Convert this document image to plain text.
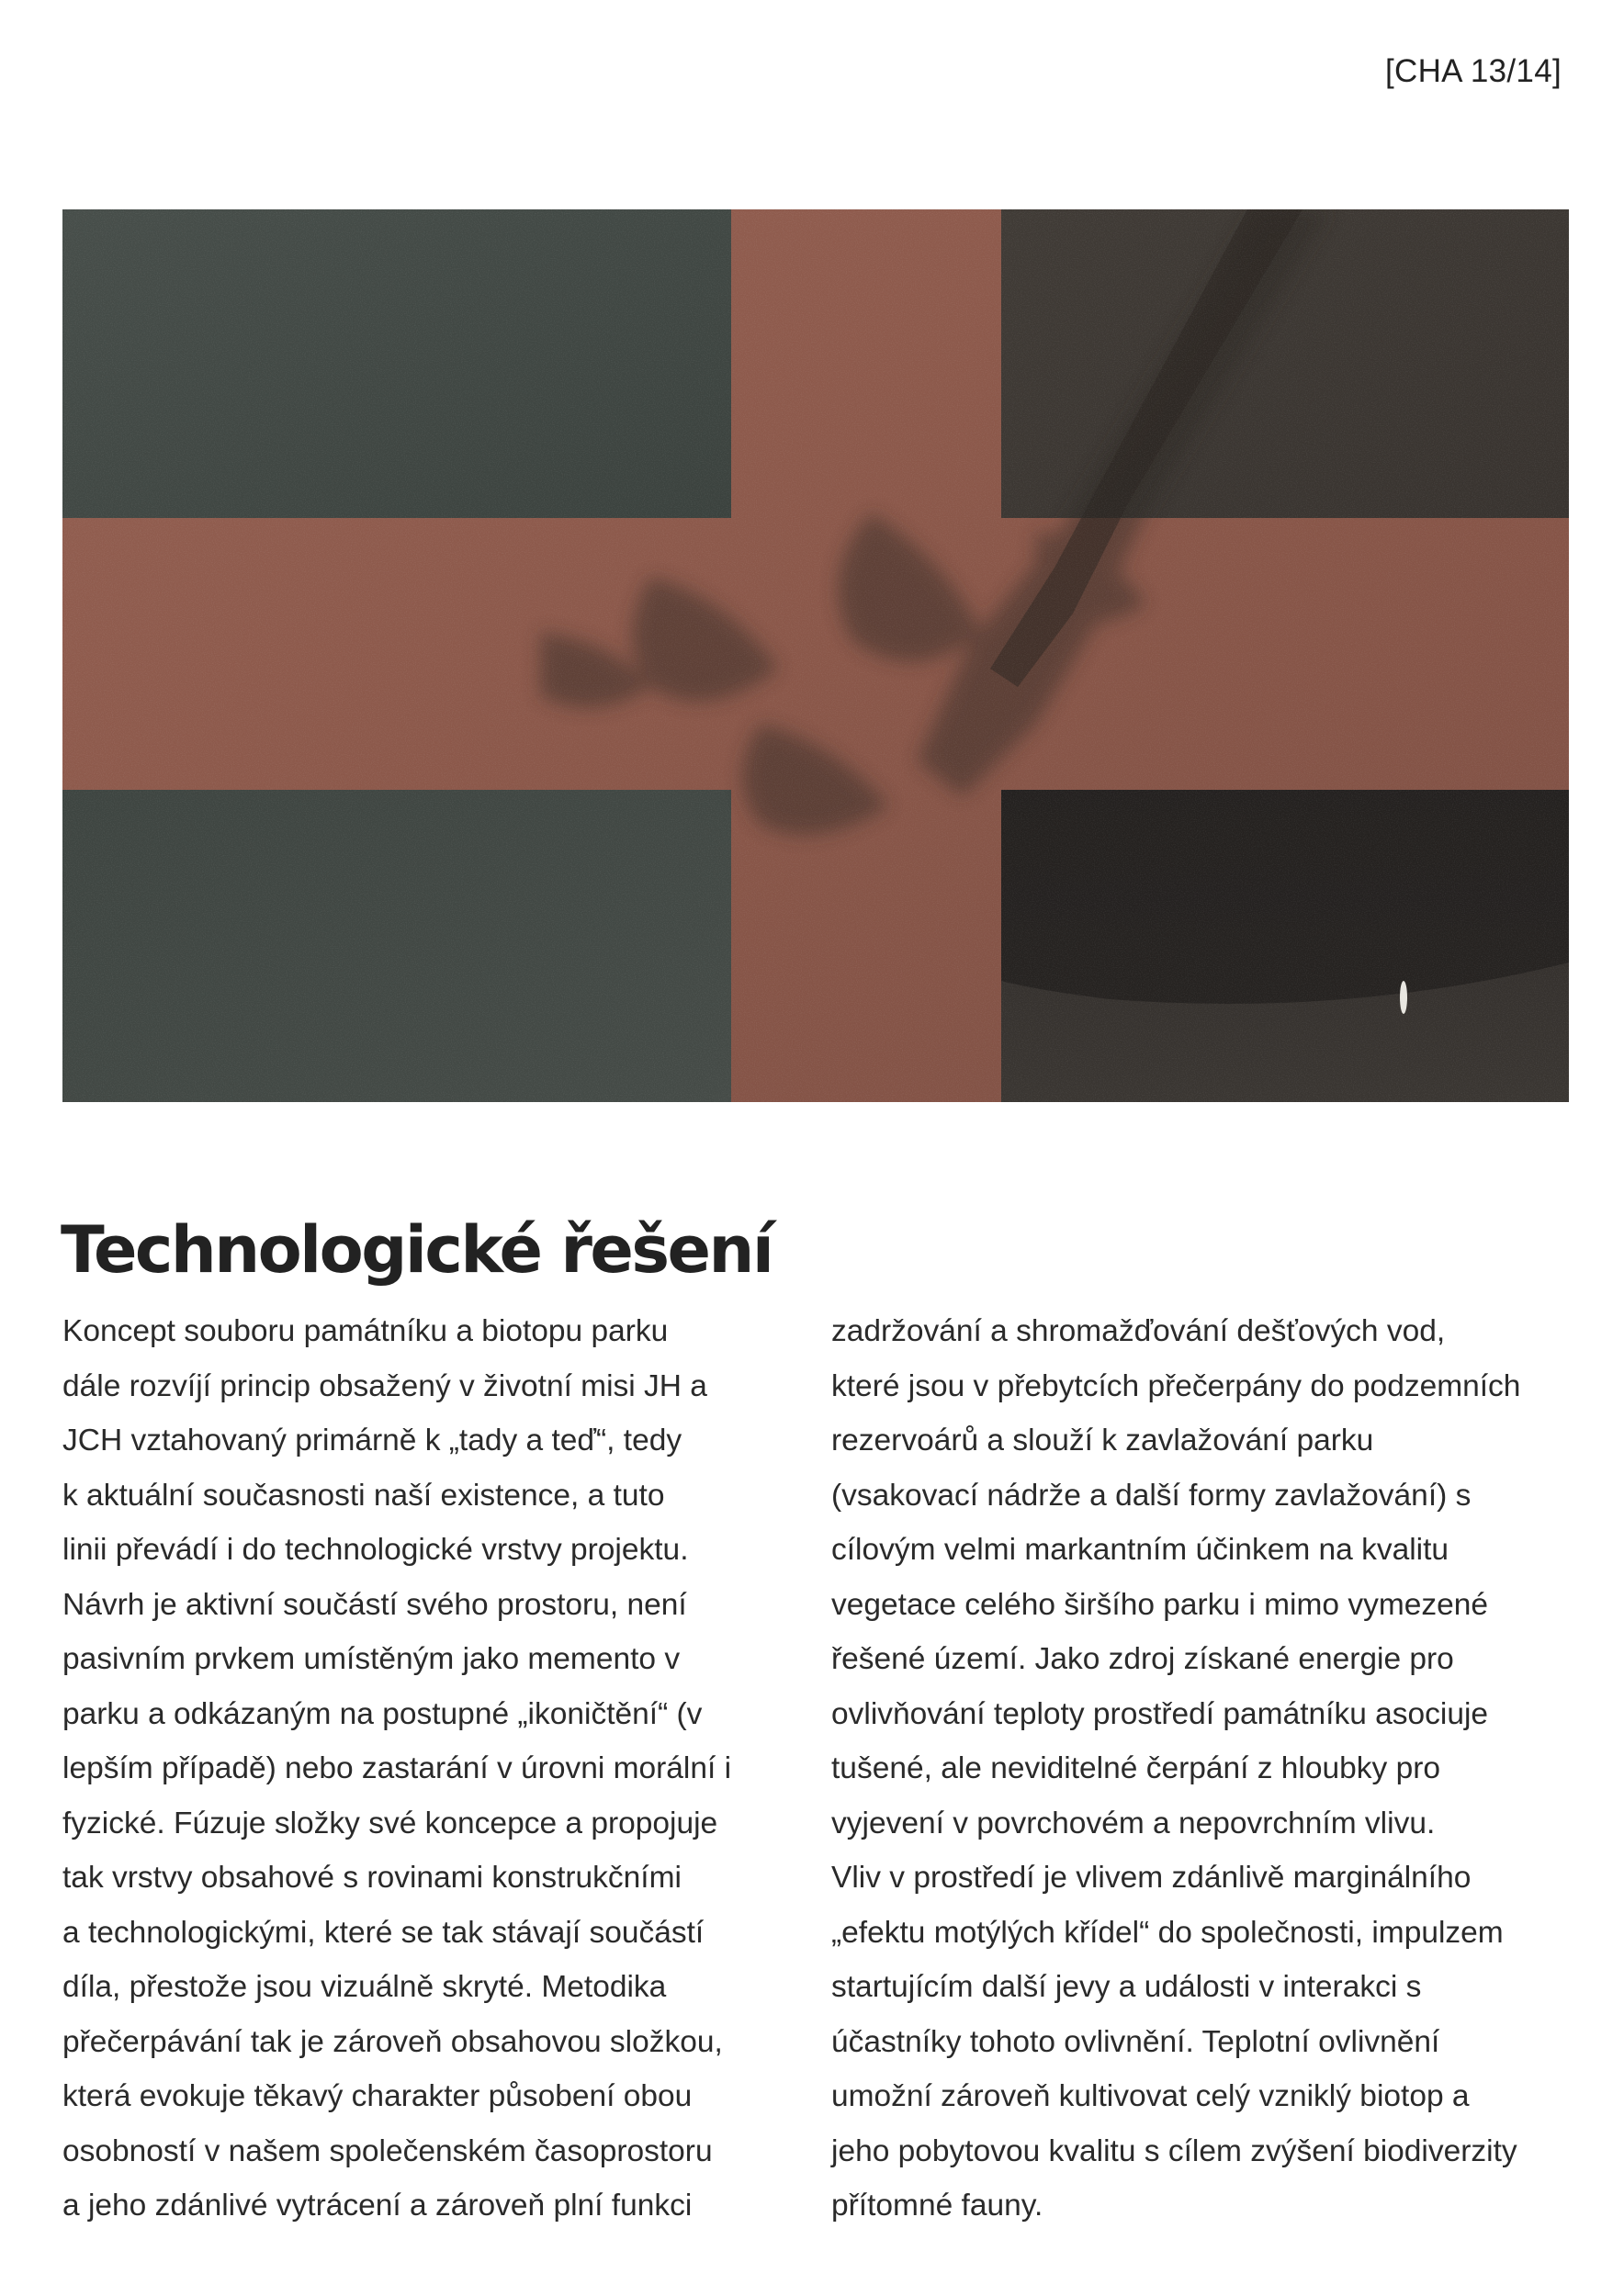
[CHA 13/14]
Technologické řešení
Koncept souboru památníku a biotopu parku
dále rozvíjí princip obsažený v životní misi JH a
JCH vztahovaný primárně k „tady a teď“, tedy
k aktuální současnosti naší existence, a tuto
linii převádí i do technologické vrstvy projektu.
Návrh je aktivní součástí svého prostoru, není
pasivním prvkem umístěným jako memento v
parku a odkázaným na postupné „ikoničtění“ (v
lepším případě) nebo zastarání v úrovni morální i
fyzické. Fúzuje složky své koncepce a propojuje
tak vrstvy obsahové s rovinami konstrukčními
a technologickými, které se tak stávají součástí
díla, přestože jsou vizuálně skryté. Metodika
přečerpávání tak je zároveň obsahovou složkou,
která evokuje těkavý charakter působení obou
osobností v našem společenském časoprostoru
a jeho zdánlivé vytrácení a zároveň plní funkci
zadržování a shromažďování dešťových vod,
které jsou v přebytcích přečerpány do podzemních
rezervoárů a slouží k zavlažování parku
(vsakovací nádrže a další formy zavlažování) s
cílovým velmi markantním účinkem na kvalitu
vegetace celého širšího parku i mimo vymezené
řešené území. Jako zdroj získané energie pro
ovlivňování teploty prostředí památníku asociuje
tušené, ale neviditelné čerpání z hloubky pro
vyjevení v povrchovém a nepovrchním vlivu.
Vliv v prostředí je vlivem zdánlivě marginálního
„efektu motýlých křídel“ do společnosti, impulzem
startujícím další jevy a události v interakci s
účastníky tohoto ovlivnění. Teplotní ovlivnění
umožní zároveň kultivovat celý vzniklý biotop a
jeho pobytovou kvalitu s cílem zvýšení biodiverzity
přítomné fauny.
